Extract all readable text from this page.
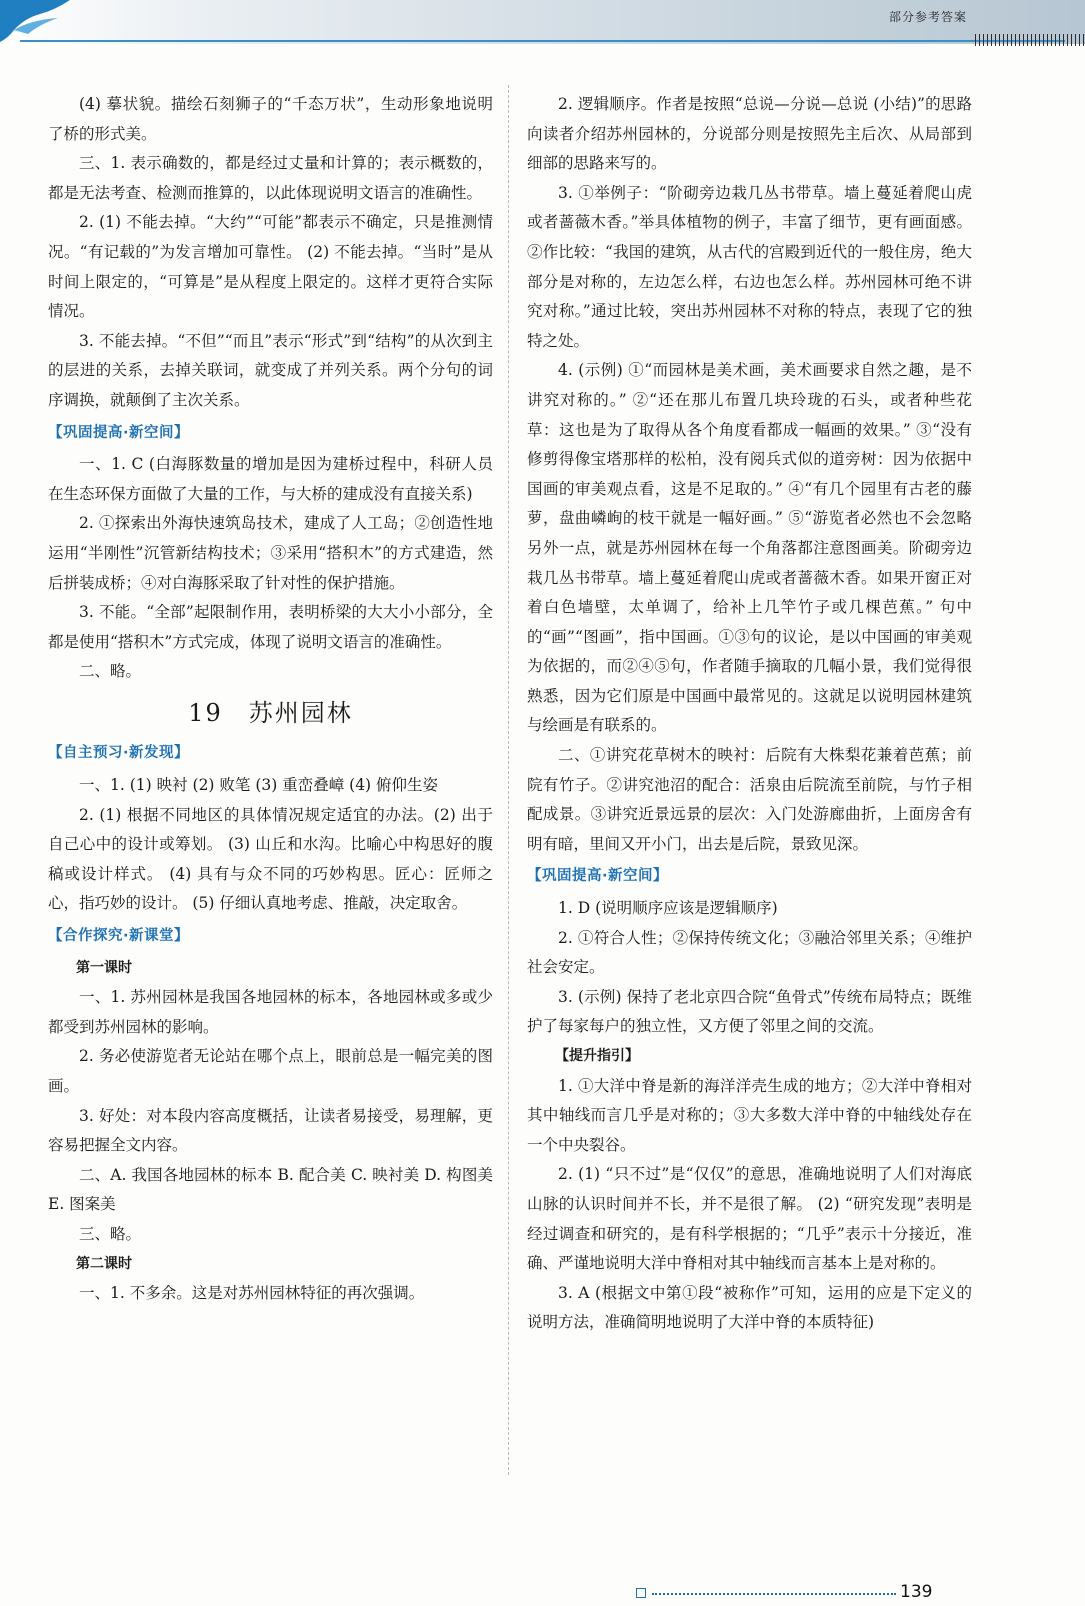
部分参考答案

(4) 摹状貌。描绘石刻狮子的“千态万状”，生动形象地说明了桥的形式美。

三、1. 表示确数的，都是经过丈量和计算的；表示概数的，都是无法考查、检测而推算的，以此体现说明文语言的准确性。

2. (1) 不能去掉。“大约”“可能”都表示不确定，只是推测情况。“有记载的”为发言增加可靠性。 (2) 不能去掉。“当时”是从时间上限定的，“可算是”是从程度上限定的。这样才更符合实际情况。

3. 不能去掉。“不但”“而且”表示“形式”到“结构”的从次到主的层进的关系，去掉关联词，就变成了并列关系。两个分句的词序调换，就颠倒了主次关系。

【巩固提高·新空间】

一、1. C (白海豚数量的增加是因为建桥过程中，科研人员在生态环保方面做了大量的工作，与大桥的建成没有直接关系)

2. ①探索出外海快速筑岛技术，建成了人工岛；②创造性地运用“半刚性”沉管新结构技术；③采用“搭积木”的方式建造，然后拼装成桥；④对白海豚采取了针对性的保护措施。

3. 不能。“全部”起限制作用，表明桥梁的大大小小部分，全都是使用“搭积木”方式完成，体现了说明文语言的准确性。

二、略。

19 苏州园林
【自主预习·新发现】

一、1. (1) 映衬 (2) 败笔 (3) 重峦叠嶂 (4) 俯仰生姿

2. (1) 根据不同地区的具体情况规定适宜的办法。(2) 出于自己心中的设计或筹划。 (3) 山丘和水沟。比喻心中构思好的腹稿或设计样式。 (4) 具有与众不同的巧妙构思。匠心：匠师之心，指巧妙的设计。 (5) 仔细认真地考虑、推敲，决定取舍。

【合作探究·新课堂】

第一课时

一、1. 苏州园林是我国各地园林的标本，各地园林或多或少都受到苏州园林的影响。

2. 务必使游览者无论站在哪个点上，眼前总是一幅完美的图画。

3. 好处：对本段内容高度概括，让读者易接受，易理解，更容易把握全文内容。

二、A. 我国各地园林的标本 B. 配合美 C. 映衬美 D. 构图美 E. 图案美

三、略。

第二课时

一、1. 不多余。这是对苏州园林特征的再次强调。

2. 逻辑顺序。作者是按照“总说—分说—总说 (小结)”的思路向读者介绍苏州园林的，分说部分则是按照先主后次、从局部到细部的思路来写的。

3. ①举例子：“阶砌旁边栽几丛书带草。墙上蔓延着爬山虎或者蔷薇木香。”举具体植物的例子，丰富了细节，更有画面感。②作比较：“我国的建筑，从古代的宫殿到近代的一般住房，绝大部分是对称的，左边怎么样，右边也怎么样。苏州园林可绝不讲究对称。”通过比较，突出苏州园林不对称的特点，表现了它的独特之处。

4. (示例) ①“而园林是美术画，美术画要求自然之趣，是不讲究对称的。” ②“还在那儿布置几块玲珑的石头，或者种些花草：这也是为了取得从各个角度看都成一幅画的效果。” ③“没有修剪得像宝塔那样的松柏，没有阅兵式似的道旁树：因为依据中国画的审美观点看，这是不足取的。” ④“有几个园里有古老的藤萝，盘曲嶙峋的枝干就是一幅好画。” ⑤“游览者必然也不会忽略另外一点，就是苏州园林在每一个角落都注意图画美。阶砌旁边栽几丛书带草。墙上蔓延着爬山虎或者蔷薇木香。如果开窗正对着白色墙壁，太单调了，给补上几竿竹子或几棵芭蕉。” 句中的“画”“图画”，指中国画。①③句的议论，是以中国画的审美观为依据的，而②④⑤句，作者随手摘取的几幅小景，我们觉得很熟悉，因为它们原是中国画中最常见的。这就足以说明园林建筑与绘画是有联系的。

二、①讲究花草树木的映衬：后院有大株梨花兼着芭蕉；前院有竹子。②讲究池沼的配合：活泉由后院流至前院，与竹子相配成景。③讲究近景远景的层次：入门处游廊曲折，上面房舍有明有暗，里间又开小门，出去是后院，景致见深。

【巩固提高·新空间】

1. D (说明顺序应该是逻辑顺序)

2. ①符合人性；②保持传统文化；③融洽邻里关系；④维护社会安定。

3. (示例) 保持了老北京四合院“鱼骨式”传统布局特点；既维护了每家每户的独立性，又方便了邻里之间的交流。

【提升指引】

1. ①大洋中脊是新的海洋洋壳生成的地方；②大洋中脊相对其中轴线而言几乎是对称的；③大多数大洋中脊的中轴线处存在一个中央裂谷。

2. (1) “只不过”是“仅仅”的意思，准确地说明了人们对海底山脉的认识时间并不长，并不是很了解。 (2) “研究发现”表明是经过调查和研究的，是有科学根据的；“几乎”表示十分接近，准确、严谨地说明大洋中脊相对其中轴线而言基本上是对称的。

3. A (根据文中第①段“被称作”可知，运用的应是下定义的说明方法，准确简明地说明了大洋中脊的本质特征)

139
